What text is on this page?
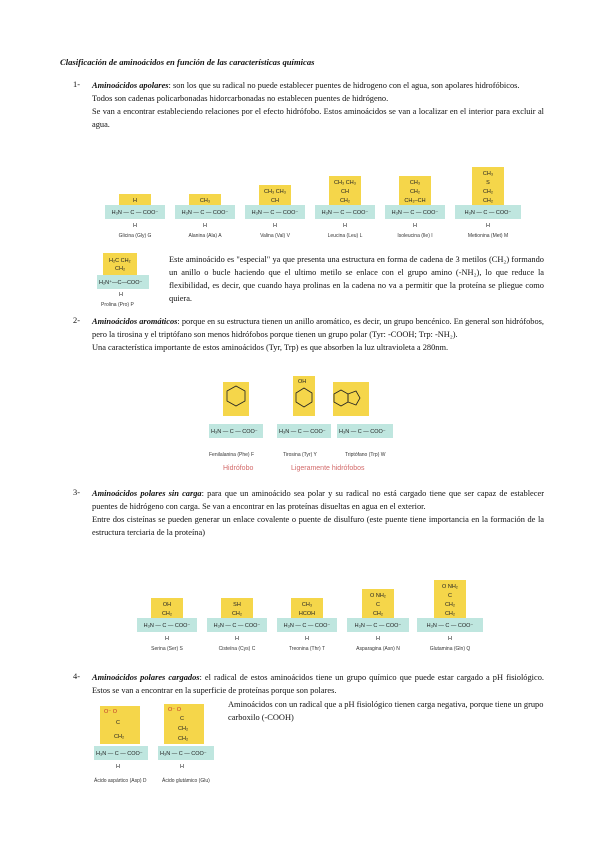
Clasificación de aminoácidos en función de las características químicas
1- Aminoácidos apolares: son los que su radical no puede establecer puentes de hidrogeno con el agua, son apolares hidrofóbicos.
Todos son cadenas policarbonadas hidorcarbonadas no establecen puentes de hidrógeno.
Se van a encontrar estableciendo relaciones por el efecto hidrófobo. Estos aminoácidos se van a localizar en el interior para excluir al agua.
H
H₃N — C — COO⁻
H
Glicina (Gly) G
CH₃
H₃N — C — COO⁻
H
Alanina (Ala) A
CH₃ CH₃
CH
H₃N — C — COO⁻
H
Valina (Val) V
CH₃ CH₃
CH
CH₂
H₃N — C — COO⁻
H
Leucina (Leu) L
CH₃
CH₂
CH₃–CH
H₃N — C — COO⁻
H
Isoleucina (Ile) I
CH₃
S
CH₂
CH₂
H₃N — C — COO⁻
H
Metionina (Met) M
H₂C CH₂
CH₂
H₂N⁺—C—COO⁻
H
Prolina (Pro) P
Este aminoácido es "especial" ya que presenta una estructura en forma de cadena de 3 metilos (CH₂) formando un anillo o bucle haciendo que el ultimo metilo se enlace con el grupo amino (-NH₂), lo que reduce la flexibilidad, es decir, que cuando haya prolinas en la cadena no va a permitir que la proteína se pliegue como quiera.
2- Aminoácidos aromáticos: porque en su estructura tienen un anillo aromático, es decir, un grupo bencénico. En general son hidrófobos, pero la tirosina y el triptófano son menos hidrófobos porque tienen un grupo polar (Tyr: -COOH; Trp: -NH₂).
Una característica importante de estos aminoácidos (Tyr, Trp) es que absorben la luz ultravioleta a 280nm.
H₃N — C — COO⁻
Fenilalanina (Phe) F
OH
H₃N — C — COO⁻
Tirosina (Tyr) Y
H₃N — C — COO⁻
Triptófano (Trp) W
Hidrófobo	Ligeramente hidrófobos
3- Aminoácidos polares sin carga: para que un aminoácido sea polar y su radical no está cargado tiene que ser capaz de establecer puentes de hidrógeno con carga. Se van a encontrar en las proteínas disueltas en agua en el exterior.
Entre dos cisteínas se pueden generar un enlace covalente o puente de disulfuro (este puente tiene importancia en la formación de la estructura terciaria de la proteína)
OH
CH₂
H₃N — C — COO⁻
H
Serina (Ser) S
SH
CH₂
H₃N — C — COO⁻
H
Cisteína (Cys) C
CH₃
HCOH
H₃N — C — COO⁻
H
Treonina (Thr) T
O NH₂
C
CH₂
H₃N — C — COO⁻
H
Asparagina (Asn) N
O NH₂
C
CH₂
CH₂
H₃N — C — COO⁻
H
Glutamina (Gln) Q
4- Aminoácidos polares cargados: el radical de estos aminoácidos tiene un grupo químico que puede estar cargado a pH fisiológico. Estos se van a encontrar en la superficie de proteínas porque son polares.
Aminoácidos con un radical que a pH fisiológico tienen carga negativa, porque tiene un grupo carboxilo (-COOH)
O⁻ O
C
CH₂
H₃N — C — COO⁻
H
Ácido aspártico (Asp) D
O⁻ O
C
CH₂
CH₂
H₃N — C — COO⁻
H
Ácido glutámico (Glu)
